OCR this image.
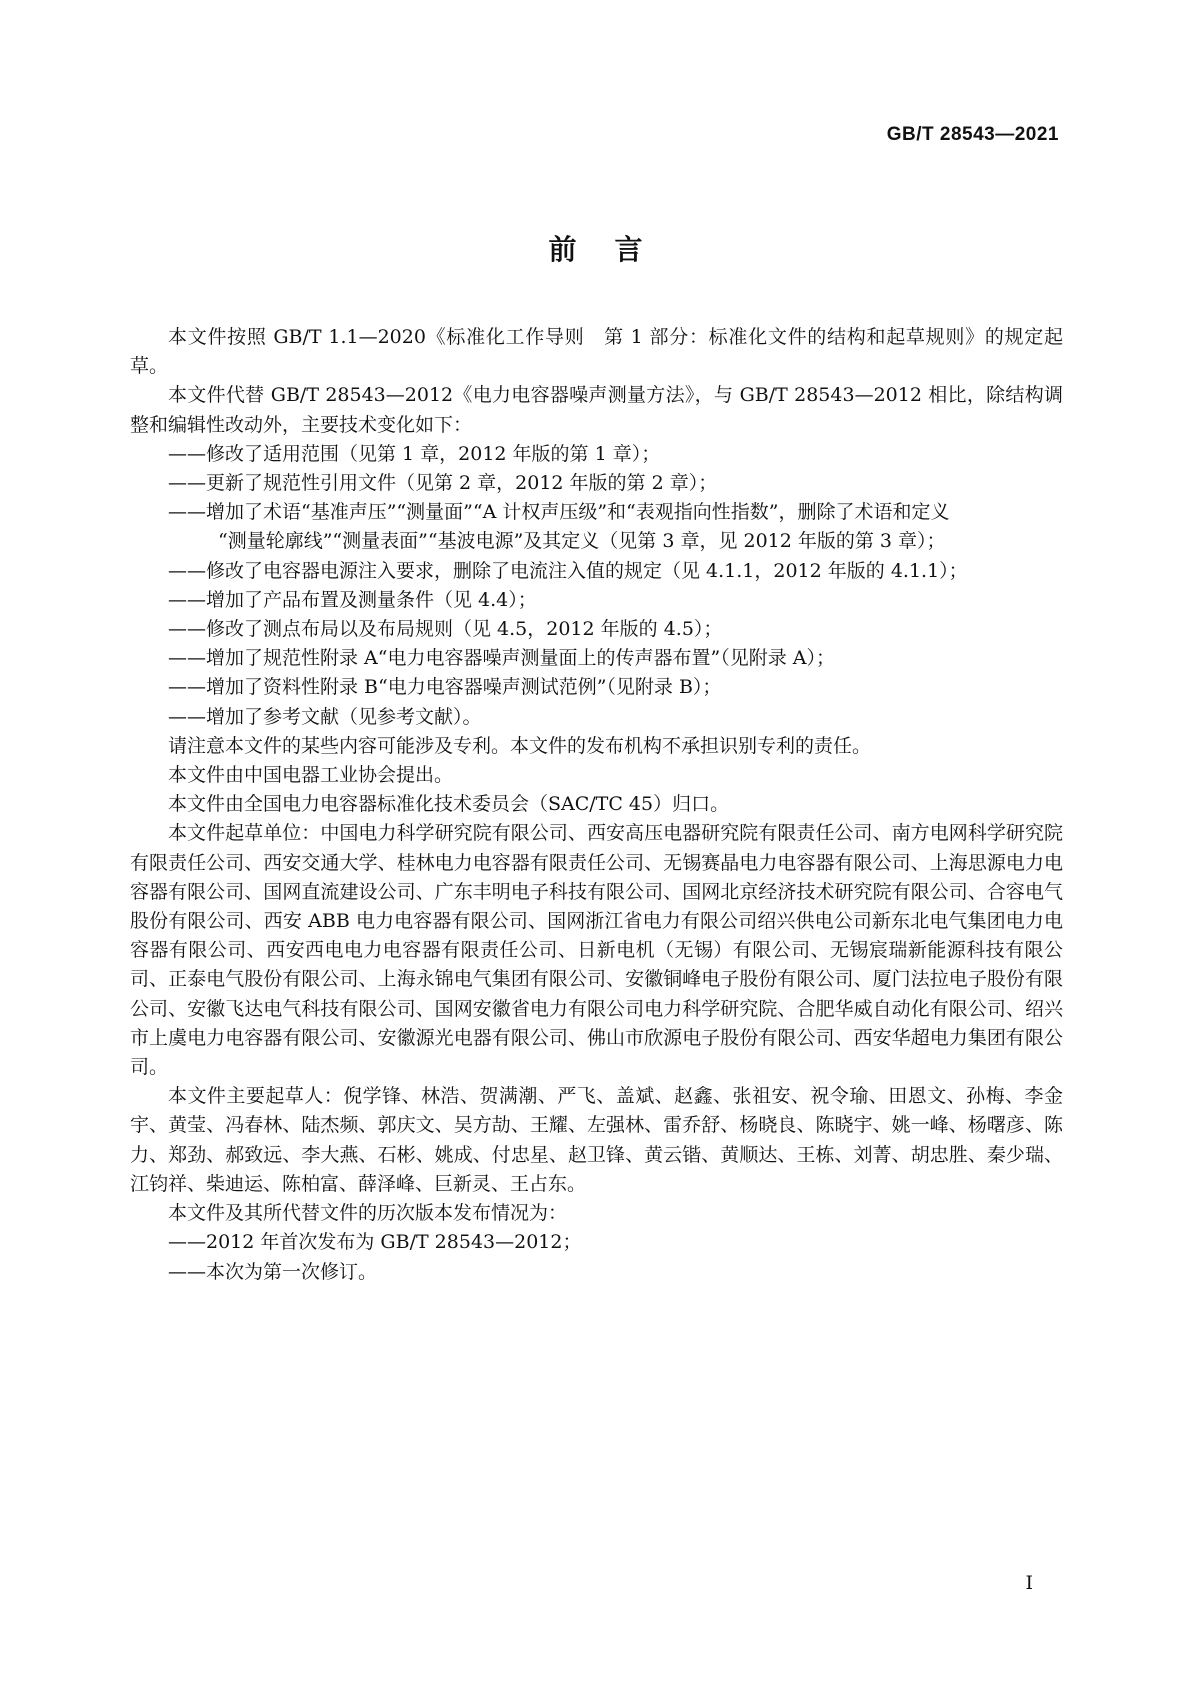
GB/T 28543—2021
前言

本文件按照 GB/T 1.1—2020《标准化工作导则　第 1 部分：标准化文件的结构和起草规则》的规定起草。

本文件代替 GB/T 28543—2012《电力电容器噪声测量方法》，与 GB/T 28543—2012 相比，除结构调整和编辑性改动外，主要技术变化如下：

——修改了适用范围（见第 1 章，2012 年版的第 1 章）；

——更新了规范性引用文件（见第 2 章，2012 年版的第 2 章）；

——增加了术语“基准声压”“测量面”“A 计权声压级”和“表观指向性指数”，删除了术语和定义

“测量轮廓线”“测量表面”“基波电源”及其定义（见第 3 章，见 2012 年版的第 3 章）；

——修改了电容器电源注入要求，删除了电流注入值的规定（见 4.1.1，2012 年版的 4.1.1）；

——增加了产品布置及测量条件（见 4.4）；

——修改了测点布局以及布局规则（见 4.5，2012 年版的 4.5）；

——增加了规范性附录 A“电力电容器噪声测量面上的传声器布置”（见附录 A）；

——增加了资料性附录 B“电力电容器噪声测试范例”（见附录 B）；

——增加了参考文献（见参考文献）。

请注意本文件的某些内容可能涉及专利。本文件的发布机构不承担识别专利的责任。

本文件由中国电器工业协会提出。

本文件由全国电力电容器标准化技术委员会（SAC/TC 45）归口。

本文件起草单位：中国电力科学研究院有限公司、西安高压电器研究院有限责任公司、南方电网科学研究院有限责任公司、西安交通大学、桂林电力电容器有限责任公司、无锡赛晶电力电容器有限公司、上海思源电力电容器有限公司、国网直流建设公司、广东丰明电子科技有限公司、国网北京经济技术研究院有限公司、合容电气股份有限公司、西安 ABB 电力电容器有限公司、国网浙江省电力有限公司绍兴供电公司新东北电气集团电力电容器有限公司、西安西电电力电容器有限责任公司、日新电机（无锡）有限公司、无锡宸瑞新能源科技有限公司、正泰电气股份有限公司、上海永锦电气集团有限公司、安徽铜峰电子股份有限公司、厦门法拉电子股份有限公司、安徽飞达电气科技有限公司、国网安徽省电力有限公司电力科学研究院、合肥华威自动化有限公司、绍兴市上虞电力电容器有限公司、安徽源光电器有限公司、佛山市欣源电子股份有限公司、西安华超电力集团有限公司。

本文件主要起草人：倪学锋、林浩、贺满潮、严飞、盖斌、赵鑫、张祖安、祝令瑜、田恩文、孙梅、李金宇、黄莹、冯春林、陆杰频、郭庆文、吴方劼、王耀、左强林、雷乔舒、杨晓良、陈晓宇、姚一峰、杨曙彦、陈力、郑劲、郝致远、李大燕、石彬、姚成、付忠星、赵卫锋、黄云锴、黄顺达、王栋、刘菁、胡忠胜、秦少瑞、江钧祥、柴迪运、陈柏富、薛泽峰、巨新灵、王占东。

本文件及其所代替文件的历次版本发布情况为：

——2012 年首次发布为 GB/T 28543—2012；

——本次为第一次修订。

I
